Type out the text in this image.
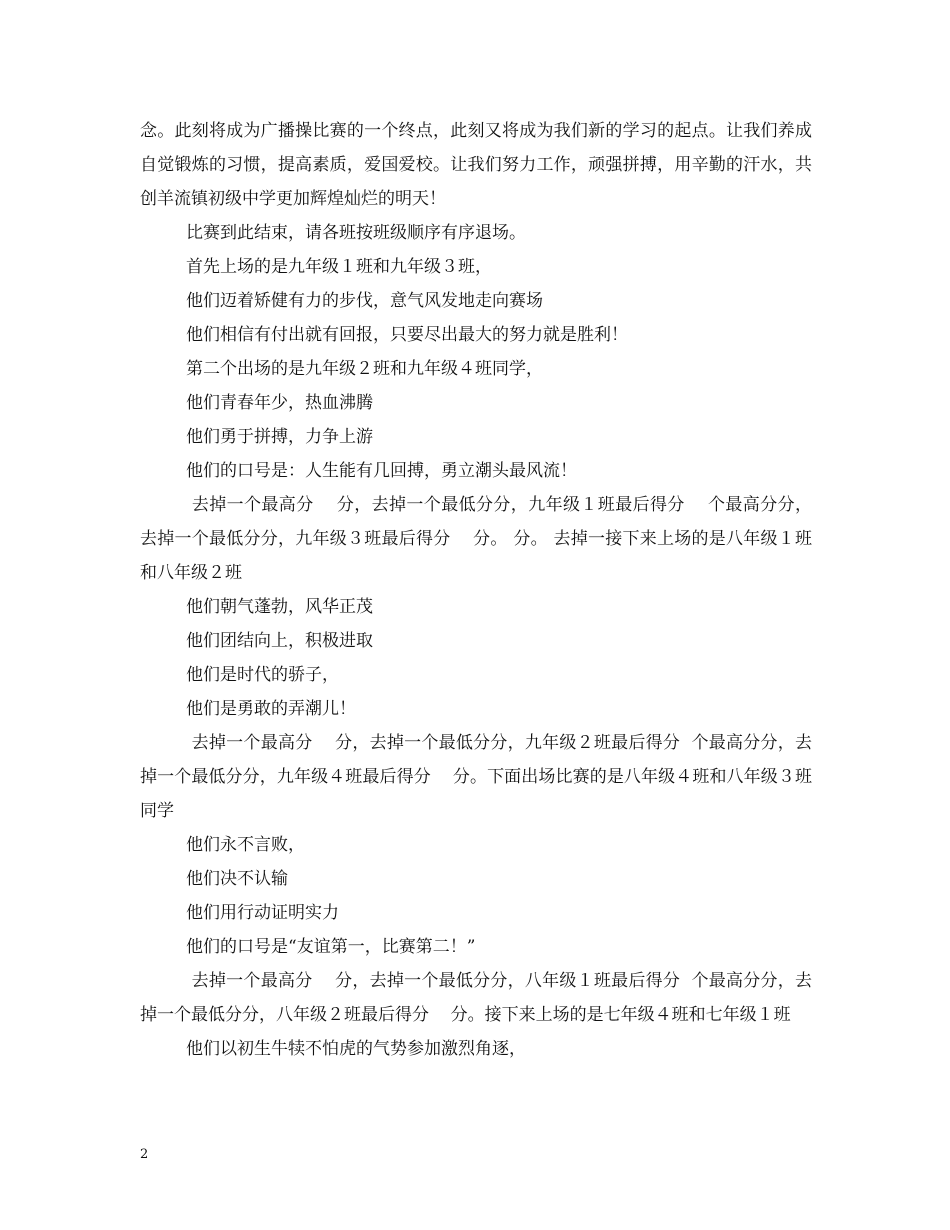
念。此刻将成为广播操比赛的一个终点，此刻又将成为我们新的学习的起点。让我们养成自觉锻炼的习惯，提高素质，爱国爱校。让我们努力工作，顽强拼搏，用辛勤的汗水，共创羊流镇初级中学更加辉煌灿烂的明天！

比赛到此结束，请各班按班级顺序有序退场。

首先上场的是九年级１班和九年级３班，

他们迈着矫健有力的步伐，意气风发地走向赛场

他们相信有付出就有回报，只要尽出最大的努力就是胜利！

第二个出场的是九年级２班和九年级４班同学，

他们青春年少，热血沸腾

他们勇于拼搏，力争上游

他们的口号是：人生能有几回搏，勇立潮头最风流！

去掉一个最高分    分，去掉一个最低分分，九年级１班最后得分    个最高分分，去掉一个最低分分，九年级３班最后得分    分。 分。 去掉一接下来上场的是八年级１班和八年级２班

他们朝气蓬勃，风华正茂

他们团结向上，积极进取

他们是时代的骄子，

他们是勇敢的弄潮儿！

去掉一个最高分    分，去掉一个最低分分，九年级２班最后得分  个最高分分，去掉一个最低分分，九年级４班最后得分    分。下面出场比赛的是八年级４班和八年级３班同学

他们永不言败，

他们决不认输

他们用行动证明实力

他们的口号是“友谊第一，比赛第二！”

去掉一个最高分    分，去掉一个最低分分，八年级１班最后得分  个最高分分，去掉一个最低分分，八年级２班最后得分    分。接下来上场的是七年级４班和七年级１班

他们以初生牛犊不怕虎的气势参加激烈角逐，

2
